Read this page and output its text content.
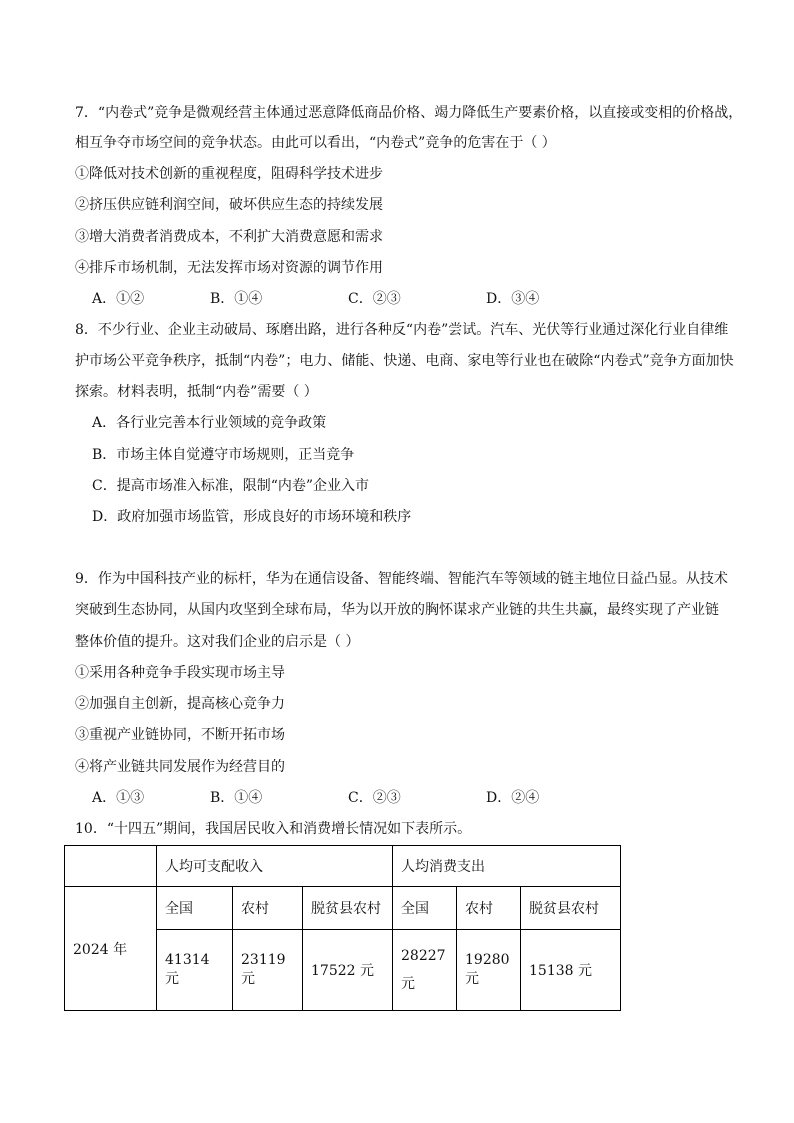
7．“内卷式”竞争是微观经营主体通过恶意降低商品价格、竭力降低生产要素价格，以直接或变相的价格战，
相互争夺市场空间的竞争状态。由此可以看出，“内卷式”竞争的危害在于（ ）
①降低对技术创新的重视程度，阻碍科学技术进步
②挤压供应链利润空间，破坏供应生态的持续发展
③增大消费者消费成本，不利扩大消费意愿和需求
④排斥市场机制，无法发挥市场对资源的调节作用
A．①②	B．①④	C．②③	D．③④
8．不少行业、企业主动破局、琢磨出路，进行各种反“内卷”尝试。汽车、光伏等行业通过深化行业自律维
护市场公平竞争秩序，抵制“内卷”；电力、储能、快递、电商、家电等行业也在破除“内卷式”竞争方面加快
探索。材料表明，抵制“内卷”需要（ ）
A．各行业完善本行业领域的竞争政策
B．市场主体自觉遵守市场规则，正当竞争
C．提高市场准入标准，限制“内卷”企业入市
D．政府加强市场监管，形成良好的市场环境和秩序
9．作为中国科技产业的标杆，华为在通信设备、智能终端、智能汽车等领域的链主地位日益凸显。从技术
突破到生态协同，从国内攻坚到全球布局，华为以开放的胸怀谋求产业链的共生共赢，最终实现了产业链
整体价值的提升。这对我们企业的启示是（ ）
①采用各种竞争手段实现市场主导
②加强自主创新，提高核心竞争力
③重视产业链协同，不断开拓市场
④将产业链共同发展作为经营目的
A．①③	B．①④	C．②③	D．②④
10．“十四五”期间，我国居民收入和消费增长情况如下表所示。
	人均可支配收入			人均消费支出		
2024 年	全国	农村	脱贫县农村	全国	农村	脱贫县农村
	41314 元	23119 元	17522 元	28227 元	19280 元	15138 元
